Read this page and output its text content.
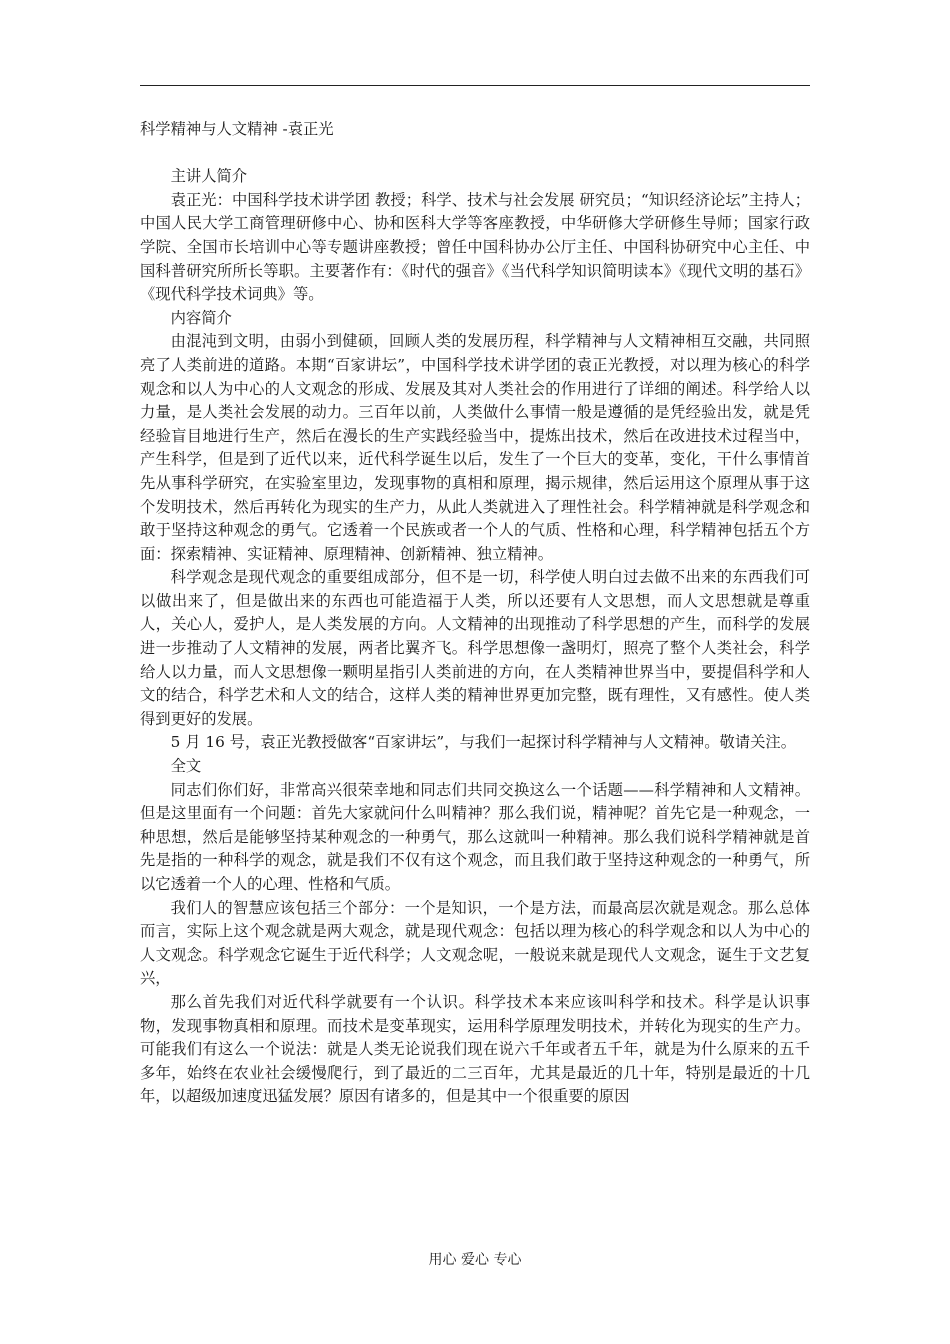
科学精神与人文精神 -袁正光

主讲人简介

袁正光：中国科学技术讲学团 教授；科学、技术与社会发展 研究员；“知识经济论坛”主持人；中国人民大学工商管理研修中心、协和医科大学等客座教授，中华研修大学研修生导师；国家行政学院、全国市长培训中心等专题讲座教授；曾任中国科协办公厅主任、中国科协研究中心主任、中国科普研究所所长等职。主要著作有：《时代的强音》《当代科学知识简明读本》《现代文明的基石》《现代科学技术词典》等。

内容简介

由混沌到文明，由弱小到健硕，回顾人类的发展历程，科学精神与人文精神相互交融，共同照亮了人类前进的道路。本期“百家讲坛”，中国科学技术讲学团的袁正光教授，对以理为核心的科学观念和以人为中心的人文观念的形成、发展及其对人类社会的作用进行了详细的阐述。科学给人以力量，是人类社会发展的动力。三百年以前，人类做什么事情一般是遵循的是凭经验出发，就是凭经验盲目地进行生产，然后在漫长的生产实践经验当中，提炼出技术，然后在改进技术过程当中，产生科学，但是到了近代以来，近代科学诞生以后，发生了一个巨大的变革，变化，干什么事情首先从事科学研究，在实验室里边，发现事物的真相和原理，揭示规律，然后运用这个原理从事于这个发明技术，然后再转化为现实的生产力，从此人类就进入了理性社会。科学精神就是科学观念和敢于坚持这种观念的勇气。它透着一个民族或者一个人的气质、性格和心理，科学精神包括五个方面：探索精神、实证精神、原理精神、创新精神、独立精神。

科学观念是现代观念的重要组成部分，但不是一切，科学使人明白过去做不出来的东西我们可以做出来了，但是做出来的东西也可能造福于人类，所以还要有人文思想，而人文思想就是尊重人，关心人，爱护人，是人类发展的方向。人文精神的出现推动了科学思想的产生，而科学的发展进一步推动了人文精神的发展，两者比翼齐飞。科学思想像一盏明灯，照亮了整个人类社会，科学给人以力量，而人文思想像一颗明星指引人类前进的方向，在人类精神世界当中，要提倡科学和人文的结合，科学艺术和人文的结合，这样人类的精神世界更加完整，既有理性，又有感性。使人类得到更好的发展。

5 月 16 号，袁正光教授做客“百家讲坛”，与我们一起探讨科学精神与人文精神。敬请关注。

全文

同志们你们好，非常高兴很荣幸地和同志们共同交换这么一个话题——科学精神和人文精神。但是这里面有一个问题：首先大家就问什么叫精神？那么我们说，精神呢？首先它是一种观念，一种思想，然后是能够坚持某种观念的一种勇气，那么这就叫一种精神。那么我们说科学精神就是首先是指的一种科学的观念，就是我们不仅有这个观念，而且我们敢于坚持这种观念的一种勇气，所以它透着一个人的心理、性格和气质。

我们人的智慧应该包括三个部分：一个是知识，一个是方法，而最高层次就是观念。那么总体而言，实际上这个观念就是两大观念，就是现代观念：包括以理为核心的科学观念和以人为中心的人文观念。科学观念它诞生于近代科学；人文观念呢，一般说来就是现代人文观念，诞生于文艺复兴，

那么首先我们对近代科学就要有一个认识。科学技术本来应该叫科学和技术。科学是认识事物，发现事物真相和原理。而技术是变革现实，运用科学原理发明技术，并转化为现实的生产力。可能我们有这么一个说法：就是人类无论说我们现在说六千年或者五千年，就是为什么原来的五千多年，始终在农业社会缓慢爬行，到了最近的二三百年，尤其是最近的几十年，特别是最近的十几年，以超级加速度迅猛发展？原因有诸多的，但是其中一个很重要的原因

用心 爱心 专心
